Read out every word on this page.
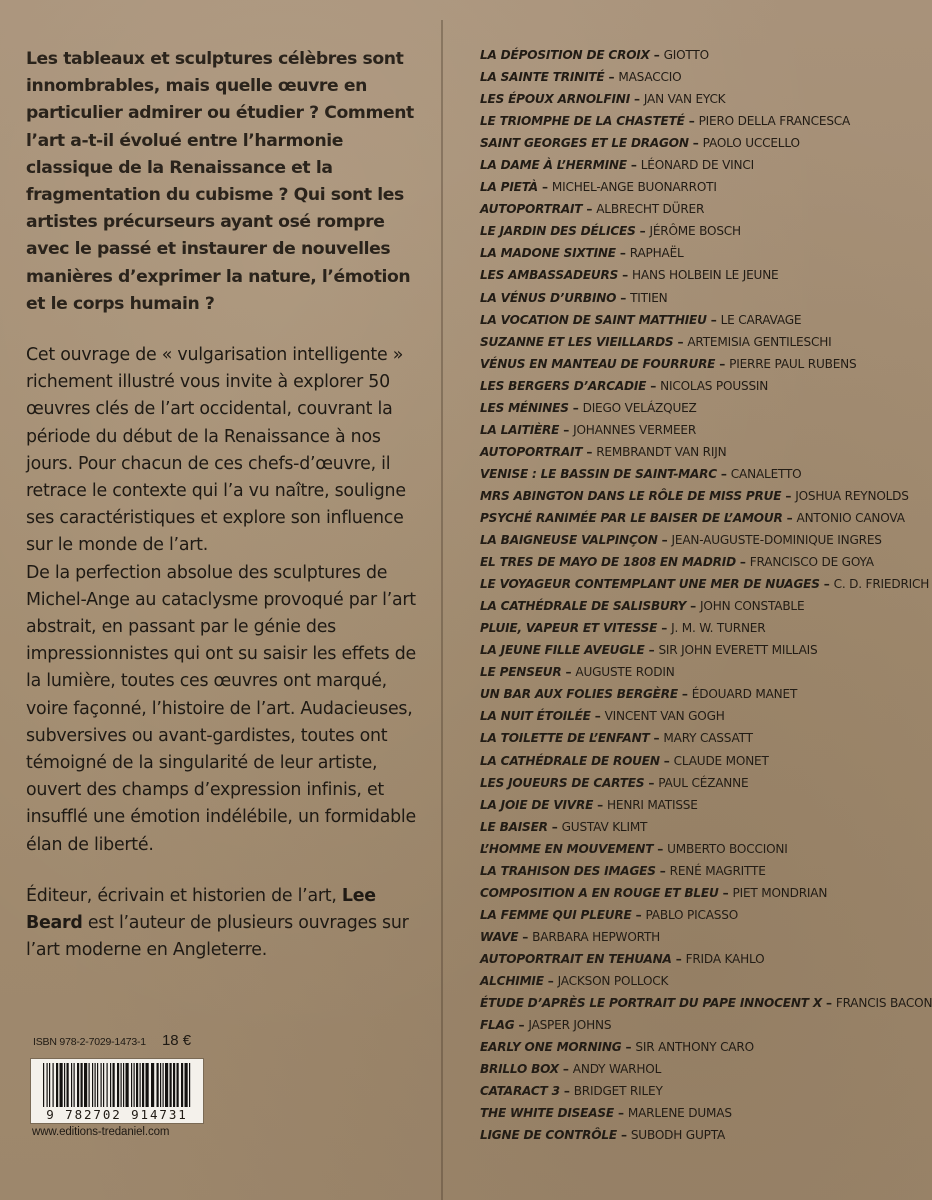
Les tableaux et sculptures célèbres sont innombrables, mais quelle œuvre en particulier admirer ou étudier ? Comment l’art a-t-il évolué entre l’harmonie classique de la Renaissance et la fragmentation du cubisme ? Qui sont les artistes précurseurs ayant osé rompre avec le passé et instaurer de nouvelles manières d’exprimer la nature, l’émotion et le corps humain ?

Cet ouvrage de « vulgarisation intelligente » richement illustré vous invite à explorer 50 œuvres clés de l’art occidental, couvrant la période du début de la Renaissance à nos jours. Pour chacun de ces chefs-d’œuvre, il retrace le contexte qui l’a vu naître, souligne ses caractéristiques et explore son influence sur le monde de l’art.

De la perfection absolue des sculptures de Michel-Ange au cataclysme provoqué par l’art abstrait, en passant par le génie des impressionnistes qui ont su saisir les effets de la lumière, toutes ces œuvres ont marqué, voire façonné, l’histoire de l’art. Audacieuses, subversives ou avant-gardistes, toutes ont témoigné de la singularité de leur artiste, ouvert des champs d’expression infinis, et insufflé une émotion indélébile, un formidable élan de liberté.

Éditeur, écrivain et historien de l’art, Lee Beard est l’auteur de plusieurs ouvrages sur l’art moderne en Angleterre.

LA DÉPOSITION DE CROIX – GIOTTO
LA SAINTE TRINITÉ – MASACCIO
LES ÉPOUX ARNOLFINI – JAN VAN EYCK
LE TRIOMPHE DE LA CHASTETÉ – PIERO DELLA FRANCESCA
SAINT GEORGES ET LE DRAGON – PAOLO UCCELLO
LA DAME À L’HERMINE – LÉONARD DE VINCI
LA PIETÀ – MICHEL-ANGE BUONARROTI
AUTOPORTRAIT – ALBRECHT DÜRER
LE JARDIN DES DÉLICES – JÉRÔME BOSCH
LA MADONE SIXTINE – RAPHAËL
LES AMBASSADEURS – HANS HOLBEIN LE JEUNE
LA VÉNUS D’URBINO – TITIEN
LA VOCATION DE SAINT MATTHIEU – LE CARAVAGE
SUZANNE ET LES VIEILLARDS – ARTEMISIA GENTILESCHI
VÉNUS EN MANTEAU DE FOURRURE – PIERRE PAUL RUBENS
LES BERGERS D’ARCADIE – NICOLAS POUSSIN
LES MÉNINES – DIEGO VELÁZQUEZ
LA LAITIÈRE – JOHANNES VERMEER
AUTOPORTRAIT – REMBRANDT VAN RIJN
VENISE : LE BASSIN DE SAINT-MARC – CANALETTO
MRS ABINGTON DANS LE RÔLE DE MISS PRUE – JOSHUA REYNOLDS
PSYCHÉ RANIMÉE PAR LE BAISER DE L’AMOUR – ANTONIO CANOVA
LA BAIGNEUSE VALPINÇON – JEAN-AUGUSTE-DOMINIQUE INGRES
EL TRES DE MAYO DE 1808 EN MADRID – FRANCISCO DE GOYA
LE VOYAGEUR CONTEMPLANT UNE MER DE NUAGES – C. D. FRIEDRICH
LA CATHÉDRALE DE SALISBURY – JOHN CONSTABLE
PLUIE, VAPEUR ET VITESSE – J. M. W. TURNER
LA JEUNE FILLE AVEUGLE – SIR JOHN EVERETT MILLAIS
LE PENSEUR – AUGUSTE RODIN
UN BAR AUX FOLIES BERGÈRE – ÉDOUARD MANET
LA NUIT ÉTOILÉE – VINCENT VAN GOGH
LA TOILETTE DE L’ENFANT – MARY CASSATT
LA CATHÉDRALE DE ROUEN – CLAUDE MONET
LES JOUEURS DE CARTES – PAUL CÉZANNE
LA JOIE DE VIVRE – HENRI MATISSE
LE BAISER – GUSTAV KLIMT
L’HOMME EN MOUVEMENT – UMBERTO BOCCIONI
LA TRAHISON DES IMAGES – RENÉ MAGRITTE
COMPOSITION A EN ROUGE ET BLEU – PIET MONDRIAN
LA FEMME QUI PLEURE – PABLO PICASSO
WAVE – BARBARA HEPWORTH
AUTOPORTRAIT EN TEHUANA – FRIDA KAHLO
ALCHIMIE – JACKSON POLLOCK
ÉTUDE D’APRÈS LE PORTRAIT DU PAPE INNOCENT X – FRANCIS BACON
FLAG – JASPER JOHNS
EARLY ONE MORNING – SIR ANTHONY CARO
BRILLO BOX – ANDY WARHOL
CATARACT 3 – BRIDGET RILEY
THE WHITE DISEASE – MARLENE DUMAS
LIGNE DE CONTRÔLE – SUBODH GUPTA
ISBN 978-2-7029-1473-1 18 €
9 782702 914731
www.editions-tredaniel.com
